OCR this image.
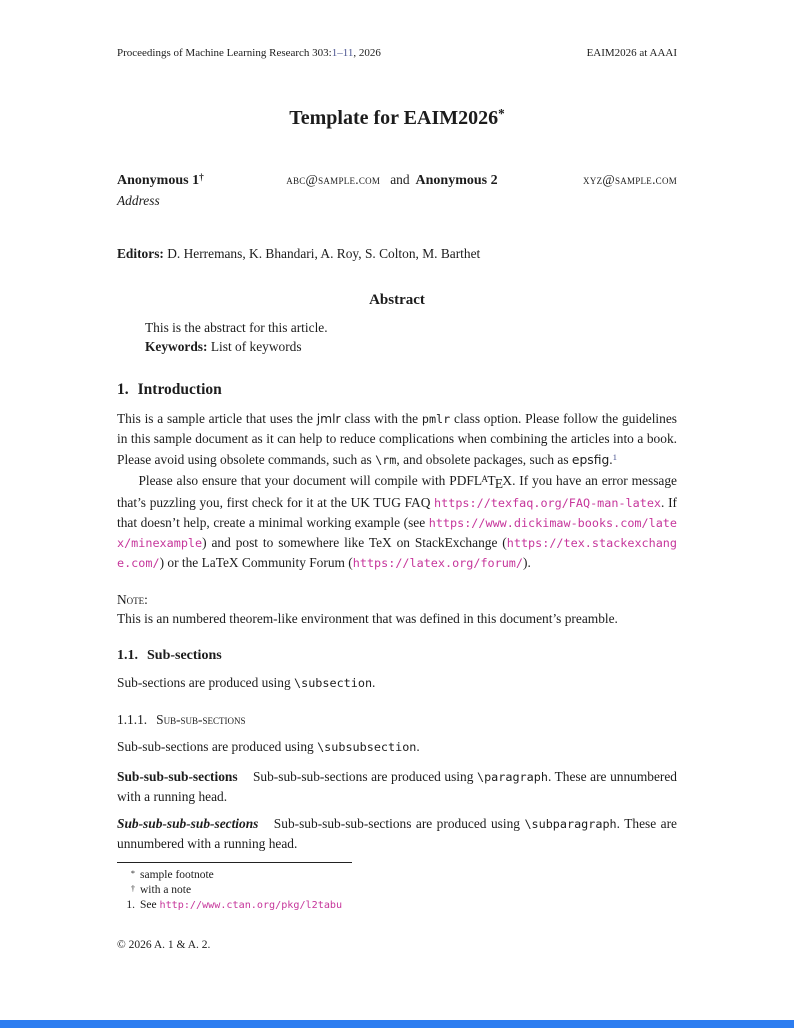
Proceedings of Machine Learning Research 303:1–11, 2026	EAIM2026 at AAAI
Template for EAIM2026*
Anonymous 1†	abc@sample.com and Anonymous 2	xyz@sample.com
Address
Editors: D. Herremans, K. Bhandari, A. Roy, S. Colton, M. Barthet
Abstract

This is the abstract for this article.

Keywords: List of keywords

1. Introduction

This is a sample article that uses the jmlr class with the pmlr class option. Please follow the guidelines in this sample document as it can help to reduce complications when combining the articles into a book. Please avoid using obsolete commands, such as \rm, and obsolete packages, such as epsfig.$^1$

Please also ensure that your document will compile with $PDFL^ATEX$. If you have an error message that’s puzzling you, first check for it at the UK TUG FAQ https://texfaq.org/FAQ-man-latex. If that doesn’t help, create a minimal working example (see https://www.dickimaw-books.com/latex/minexample) and post to somewhere like TeX on StackExchange (https://tex.stackexchange.com/) or the LaTeX Community Forum (https://latex.org/forum/).

Note:

This is an numbered theorem-like environment that was defined in this document’s preamble.

1.1. Sub-sections

Sub-sections are produced using \subsection.

1.1.1. Sub-sub-sections

Sub-sub-sections are produced using \subsubsection.

Sub-sub-sub-sections Sub-sub-sub-sections are produced using \paragraph. These are unnumbered with a running head.

Sub-sub-sub-sub-sections Sub-sub-sub-sub-sections are produced using \subparagraph. These are unnumbered with a running head.

* sample footnote
† with a note
1. See http://www.ctan.org/pkg/l2tabu
© 2026 A. 1 & A. 2.
